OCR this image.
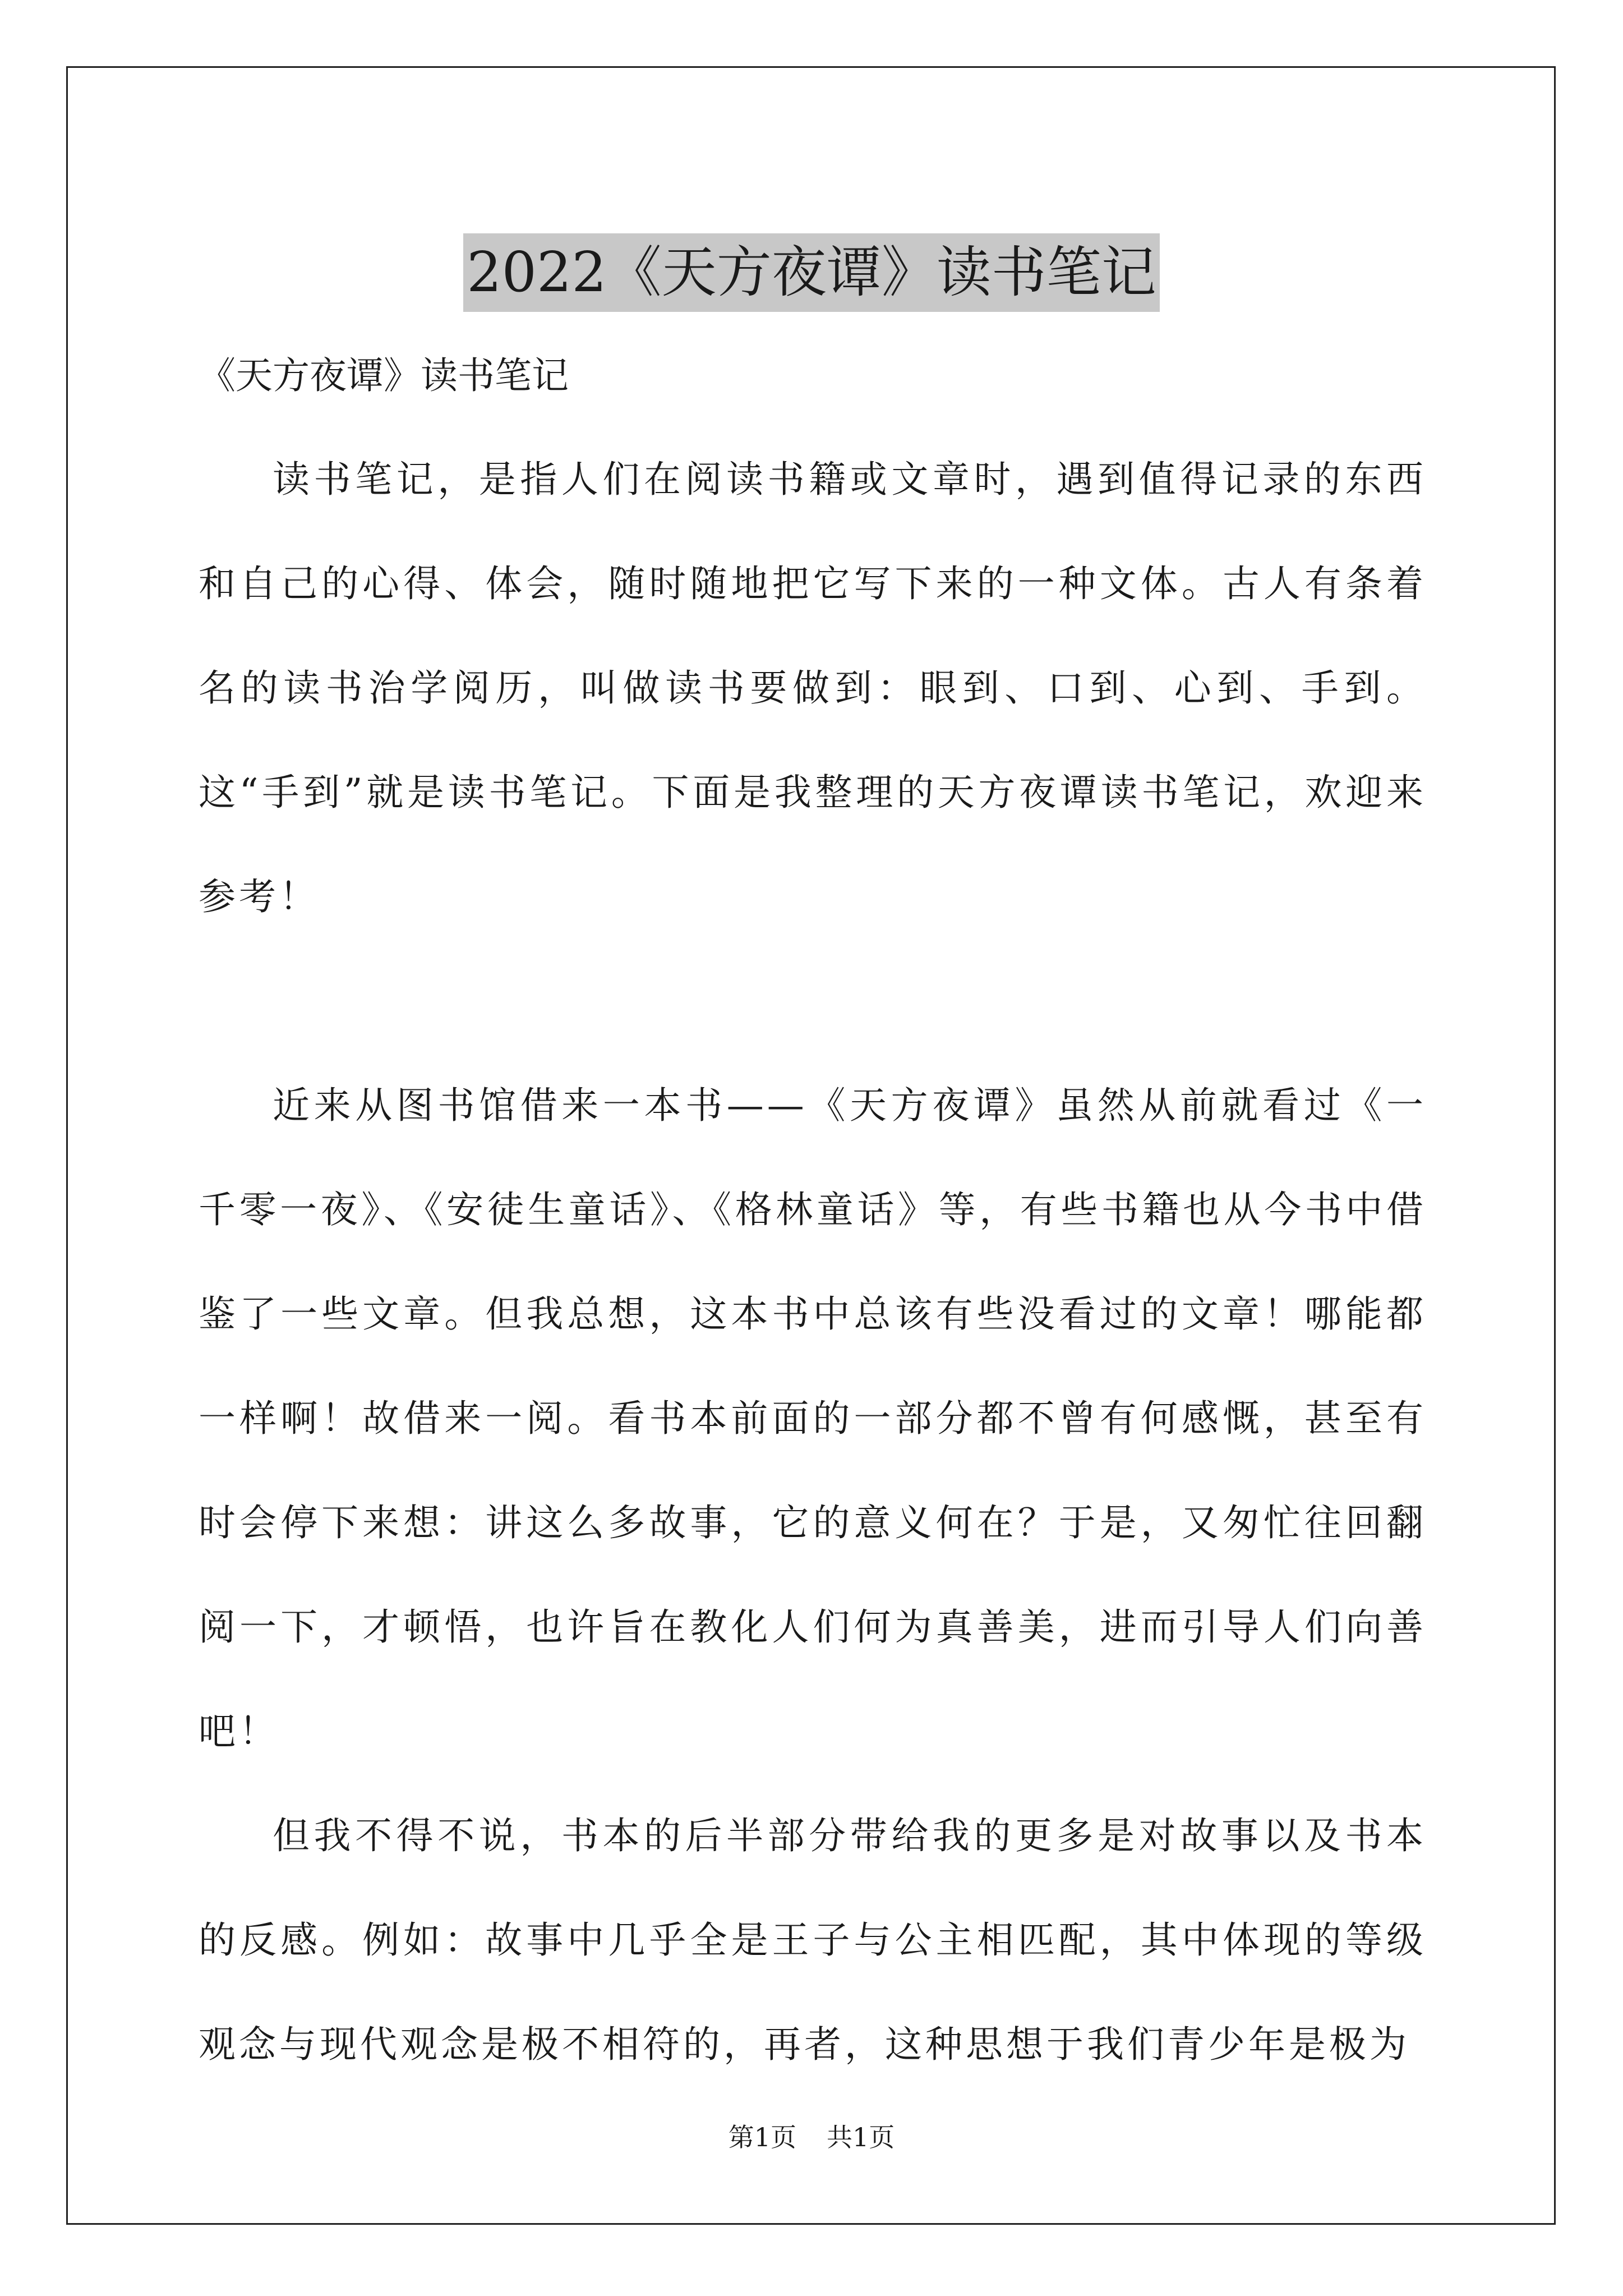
2022《天方夜谭》读书笔记

《天方夜谭》读书笔记

读书笔记，是指人们在阅读书籍或文章时，遇到值得记录的东西和自己的心得、体会，随时随地把它写下来的一种文体。古人有条着名的读书治学阅历，叫做读书要做到：眼到、口到、心到、手到。这“手到”就是读书笔记。下面是我整理的天方夜谭读书笔记，欢迎来参考！

近来从图书馆借来一本书——《天方夜谭》虽然从前就看过《一千零一夜》、《安徒生童话》、《格林童话》等，有些书籍也从今书中借鉴了一些文章。但我总想，这本书中总该有些没看过的文章！哪能都一样啊！故借来一阅。看书本前面的一部分都不曾有何感慨，甚至有时会停下来想：讲这么多故事，它的意义何在？于是，又匆忙往回翻阅一下，才顿悟，也许旨在教化人们何为真善美，进而引导人们向善吧！

但我不得不说，书本的后半部分带给我的更多是对故事以及书本的反感。例如：故事中几乎全是王子与公主相匹配，其中体现的等级观念与现代观念是极不相符的，再者，这种思想于我们青少年是极为

第1页 共1页
